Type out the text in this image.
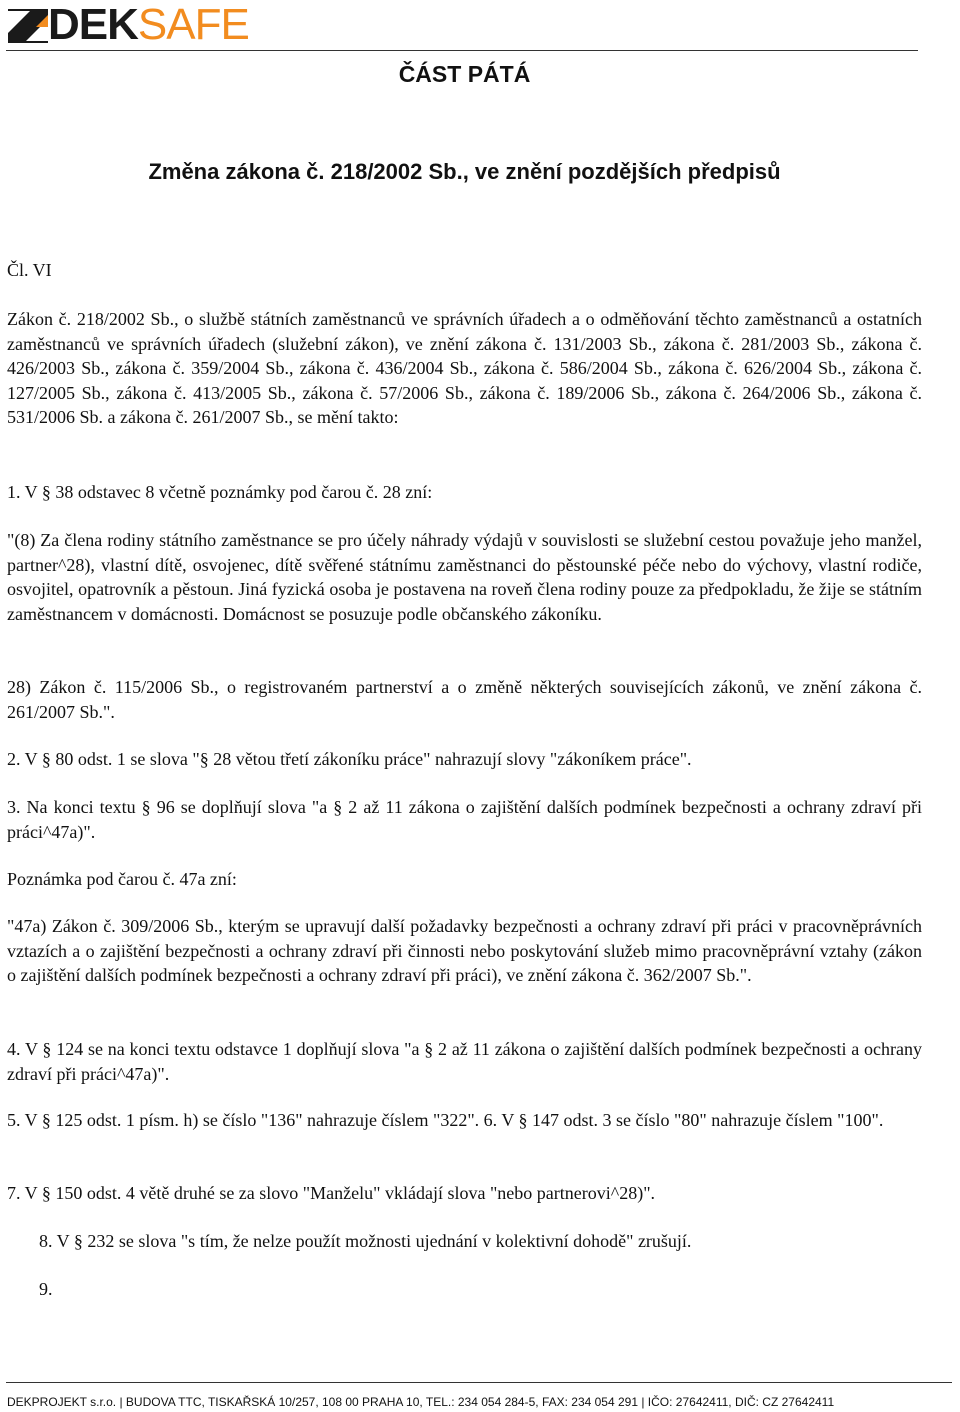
DEKSAFE

ČÁST PÁTÁ

Změna zákona č. 218/2002 Sb., ve znění pozdějších předpisů

Čl. VI

Zákon č. 218/2002 Sb., o službě státních zaměstnanců ve správních úřadech a o odměňování těchto zaměstnanců a ostatních zaměstnanců ve správních úřadech (služební zákon), ve znění zákona č. 131/2003 Sb., zákona č. 281/2003 Sb., zákona č. 426/2003 Sb., zákona č. 359/2004 Sb., zákona č. 436/2004 Sb., zákona č. 586/2004 Sb., zákona č. 626/2004 Sb., zákona č. 127/2005 Sb., zákona č. 413/2005 Sb., zákona č. 57/2006 Sb., zákona č. 189/2006 Sb., zákona č. 264/2006 Sb., zákona č. 531/2006 Sb. a zákona č. 261/2007 Sb., se mění takto:

1. V § 38 odstavec 8 včetně poznámky pod čarou č. 28 zní:

"(8) Za člena rodiny státního zaměstnance se pro účely náhrady výdajů v souvislosti se služební cestou považuje jeho manžel, partner^28), vlastní dítě, osvojenec, dítě svěřené státnímu zaměstnanci do pěstounské péče nebo do výchovy, vlastní rodiče, osvojitel, opatrovník a pěstoun. Jiná fyzická osoba je postavena na roveň člena rodiny pouze za předpokladu, že žije se státním zaměstnancem v domácnosti. Domácnost se posuzuje podle občanského zákoníku.

28) Zákon č. 115/2006 Sb., o registrovaném partnerství a o změně některých souvisejících zákonů, ve znění zákona č. 261/2007 Sb.".

2. V § 80 odst. 1 se slova "§ 28 větou třetí zákoníku práce" nahrazují slovy "zákoníkem práce".

3. Na konci textu § 96 se doplňují slova "a § 2 až 11 zákona o zajištění dalších podmínek bezpečnosti a ochrany zdraví při práci^47a)".

Poznámka pod čarou č. 47a zní:

"47a) Zákon č. 309/2006 Sb., kterým se upravují další požadavky bezpečnosti a ochrany zdraví při práci v pracovněprávních vztazích a o zajištění bezpečnosti a ochrany zdraví při činnosti nebo poskytování služeb mimo pracovněprávní vztahy (zákon o zajištění dalších podmínek bezpečnosti a ochrany zdraví při práci), ve znění zákona č. 362/2007 Sb.".

4. V § 124 se na konci textu odstavce 1 doplňují slova "a § 2 až 11 zákona o zajištění dalších podmínek bezpečnosti a ochrany zdraví při práci^47a)".

5. V § 125 odst. 1 písm. h) se číslo "136" nahrazuje číslem "322". 6. V § 147 odst. 3 se číslo "80" nahrazuje číslem "100".

7. V § 150 odst. 4 větě druhé se za slovo "Manželu" vkládají slova "nebo partnerovi^28)".

8. V § 232 se slova "s tím, že nelze použít možnosti ujednání v kolektivní dohodě" zrušují.

9.

DEKPROJEKT s.r.o. | BUDOVA TTC, TISKAŘSKÁ 10/257, 108 00 PRAHA 10, TEL.: 234 054 284-5, FAX: 234 054 291 | IČO: 27642411, DIČ: CZ 27642411
